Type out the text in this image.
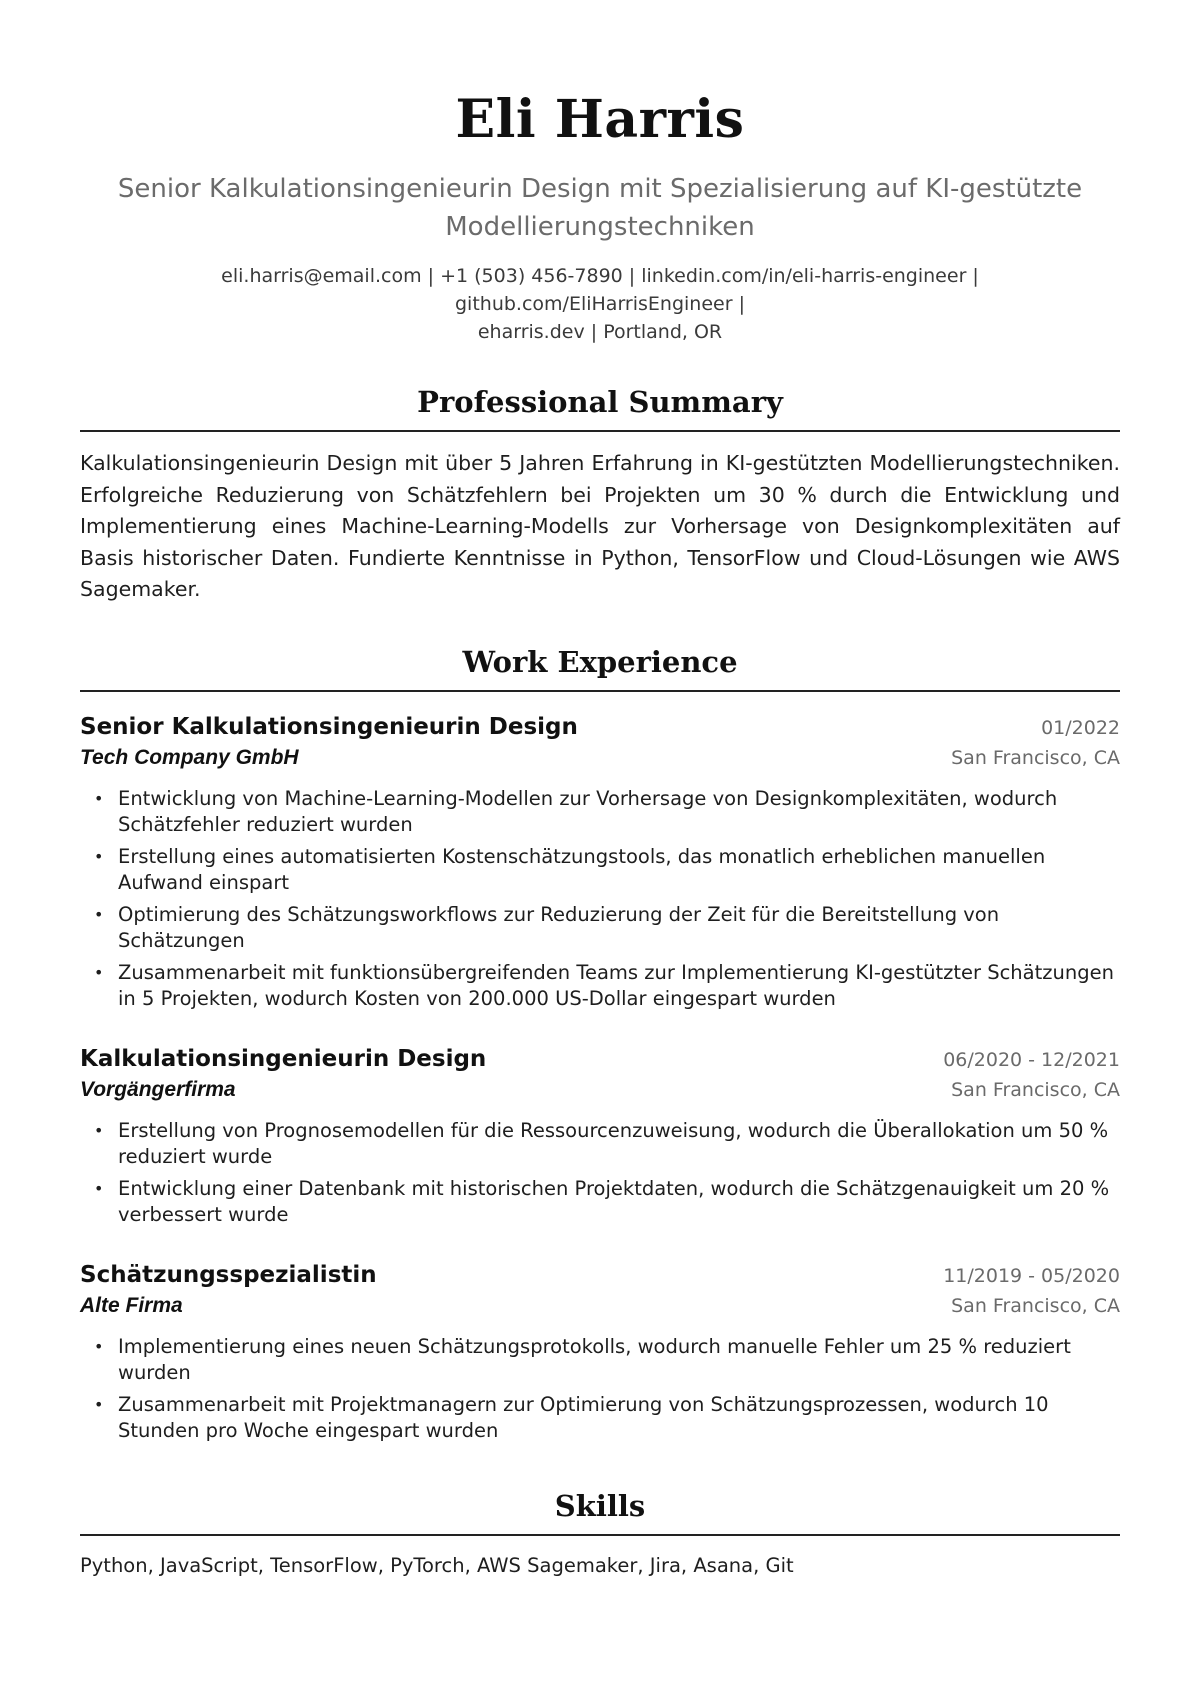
Eli Harris
Senior Kalkulationsingenieurin Design mit Spezialisierung auf KI-gestützte Modellierungstechniken
eli.harris@email.com | +1 (503) 456-7890 | linkedin.com/in/eli-harris-engineer | github.com/EliHarrisEngineer |
eharris.dev | Portland, OR
Professional Summary
Kalkulationsingenieurin Design mit über 5 Jahren Erfahrung in KI-gestützten Modellierungstechniken. Erfolgreiche Reduzierung von Schätzfehlern bei Projekten um 30 % durch die Entwicklung und Implementierung eines Machine-Learning-Modells zur Vorhersage von Designkomplexitäten auf Basis historischer Daten. Fundierte Kenntnisse in Python, TensorFlow und Cloud-Lösungen wie AWS Sagemaker.
Work Experience
Senior Kalkulationsingenieurin Design	01/2022
Tech Company GmbH	San Francisco, CA
• Entwicklung von Machine-Learning-Modellen zur Vorhersage von Designkomplexitäten, wodurch Schätzfehler reduziert wurden
• Erstellung eines automatisierten Kostenschätzungstools, das monatlich erheblichen manuellen Aufwand einspart
• Optimierung des Schätzungsworkflows zur Reduzierung der Zeit für die Bereitstellung von Schätzungen
• Zusammenarbeit mit funktionsübergreifenden Teams zur Implementierung KI-gestützter Schätzungen in 5 Projekten, wodurch Kosten von 200.000 US-Dollar eingespart wurden
Kalkulationsingenieurin Design	06/2020 - 12/2021
Vorgängerfirma	San Francisco, CA
• Erstellung von Prognosemodellen für die Ressourcenzuweisung, wodurch die Überallokation um 50 % reduziert wurde
• Entwicklung einer Datenbank mit historischen Projektdaten, wodurch die Schätzgenauigkeit um 20 % verbessert wurde
Schätzungsspezialistin	11/2019 - 05/2020
Alte Firma	San Francisco, CA
• Implementierung eines neuen Schätzungsprotokolls, wodurch manuelle Fehler um 25 % reduziert wurden
• Zusammenarbeit mit Projektmanagern zur Optimierung von Schätzungsprozessen, wodurch 10 Stunden pro Woche eingespart wurden
Skills
Python, JavaScript, TensorFlow, PyTorch, AWS Sagemaker, Jira, Asana, Git
